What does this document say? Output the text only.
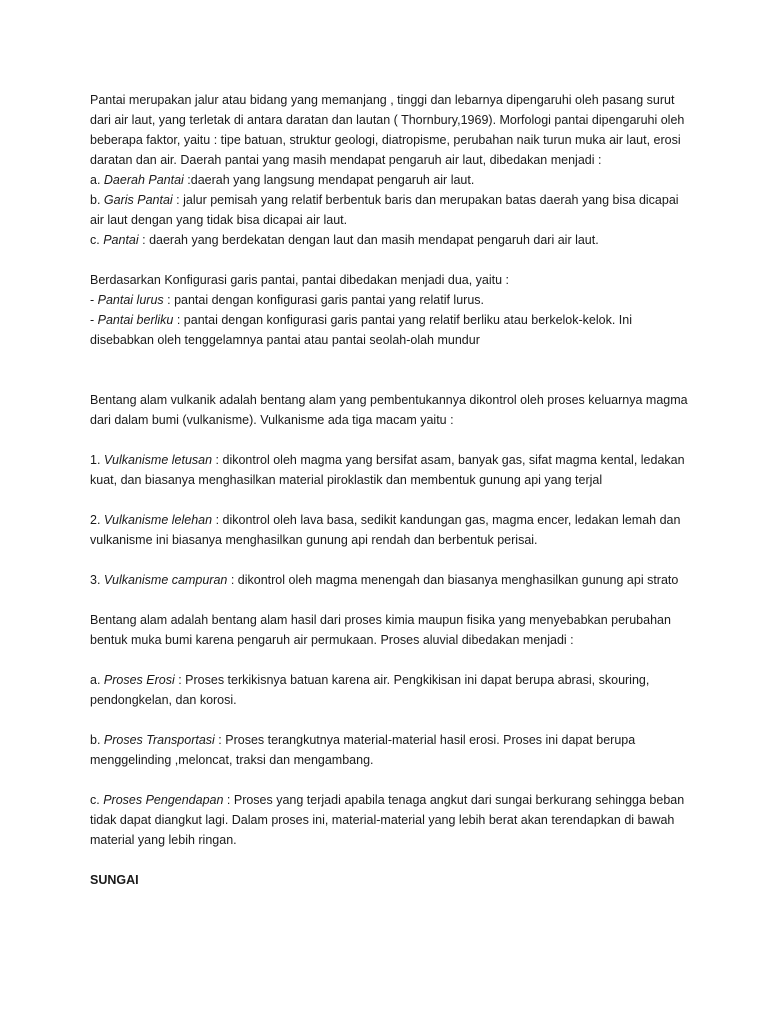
Pantai merupakan jalur atau bidang yang memanjang , tinggi dan lebarnya dipengaruhi oleh pasang surut dari air laut, yang terletak di antara daratan dan lautan ( Thornbury,1969). Morfologi pantai dipengaruhi oleh beberapa faktor, yaitu : tipe batuan, struktur geologi, diatropisme, perubahan naik turun muka air laut, erosi daratan dan air. Daerah pantai yang masih mendapat pengaruh air laut, dibedakan menjadi :

a. Daerah Pantai :daerah yang langsung mendapat pengaruh air laut.

b. Garis Pantai : jalur pemisah yang relatif berbentuk baris dan merupakan batas daerah yang bisa dicapai air laut dengan yang tidak bisa dicapai air laut.

c. Pantai : daerah yang berdekatan dengan laut dan masih mendapat pengaruh dari air laut.

Berdasarkan Konfigurasi garis pantai, pantai dibedakan menjadi dua, yaitu :

- Pantai lurus : pantai dengan konfigurasi garis pantai yang relatif lurus.

- Pantai berliku : pantai dengan konfigurasi garis pantai yang relatif berliku atau berkelok-kelok. Ini disebabkan oleh tenggelamnya pantai atau pantai seolah-olah mundur

Bentang alam vulkanik adalah bentang alam yang pembentukannya dikontrol oleh proses keluarnya magma dari dalam bumi (vulkanisme). Vulkanisme ada tiga macam yaitu :

1. Vulkanisme letusan : dikontrol oleh magma yang bersifat asam, banyak gas, sifat magma kental, ledakan kuat, dan biasanya menghasilkan material piroklastik dan membentuk gunung api yang terjal

2. Vulkanisme lelehan : dikontrol oleh lava basa, sedikit kandungan gas, magma encer, ledakan lemah dan vulkanisme ini biasanya menghasilkan gunung api rendah dan berbentuk perisai.

3. Vulkanisme campuran : dikontrol oleh magma menengah dan biasanya menghasilkan gunung api strato

Bentang alam adalah bentang alam hasil dari proses kimia maupun fisika yang menyebabkan perubahan bentuk muka bumi karena pengaruh air permukaan. Proses aluvial dibedakan menjadi :

a. Proses Erosi : Proses terkikisnya batuan karena air. Pengkikisan ini dapat berupa abrasi, skouring, pendongkelan, dan korosi.

b. Proses Transportasi : Proses terangkutnya material-material hasil erosi. Proses ini dapat berupa menggelinding ,meloncat, traksi dan mengambang.

c. Proses Pengendapan : Proses yang terjadi apabila tenaga angkut dari sungai berkurang sehingga beban tidak dapat diangkut lagi. Dalam proses ini, material-material yang lebih berat akan terendapkan di bawah material yang lebih ringan.

SUNGAI
